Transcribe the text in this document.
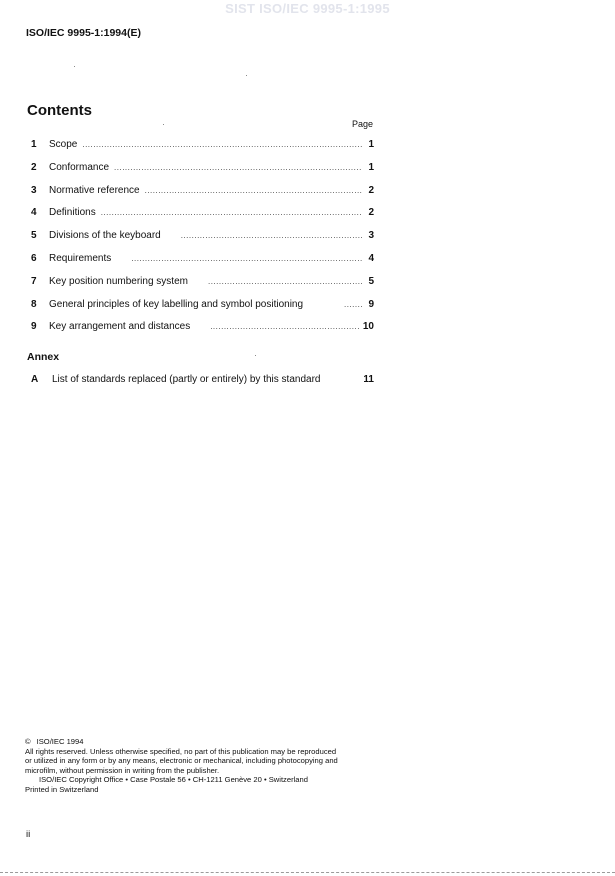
SIST ISO/IEC 9995-1:1995
ISO/IEC 9995-1:1994(E)
Contents
Page
1	Scope .....	1
2	Conformance .....	1
3	Normative reference .....	2
4	Definitions .....	2
5	Divisions of the keyboard .....	3
6	Requirements .....	4
7	Key position numbering system .....	5
8	General principles of key labelling and symbol positioning .....	9
9	Key arrangement and distances .....	10
Annex
A	List of standards replaced (partly or entirely) by this standard	11
© ISO/IEC 1994
All rights reserved. Unless otherwise specified, no part of this publication may be reproduced
or utilized in any form or by any means, electronic or mechanical, including photocopying and
microfilm, without permission in writing from the publisher.
ISO/IEC Copyright Office • Case Postale 56 • CH-1211 Genève 20 • Switzerland
Printed in Switzerland
ii
